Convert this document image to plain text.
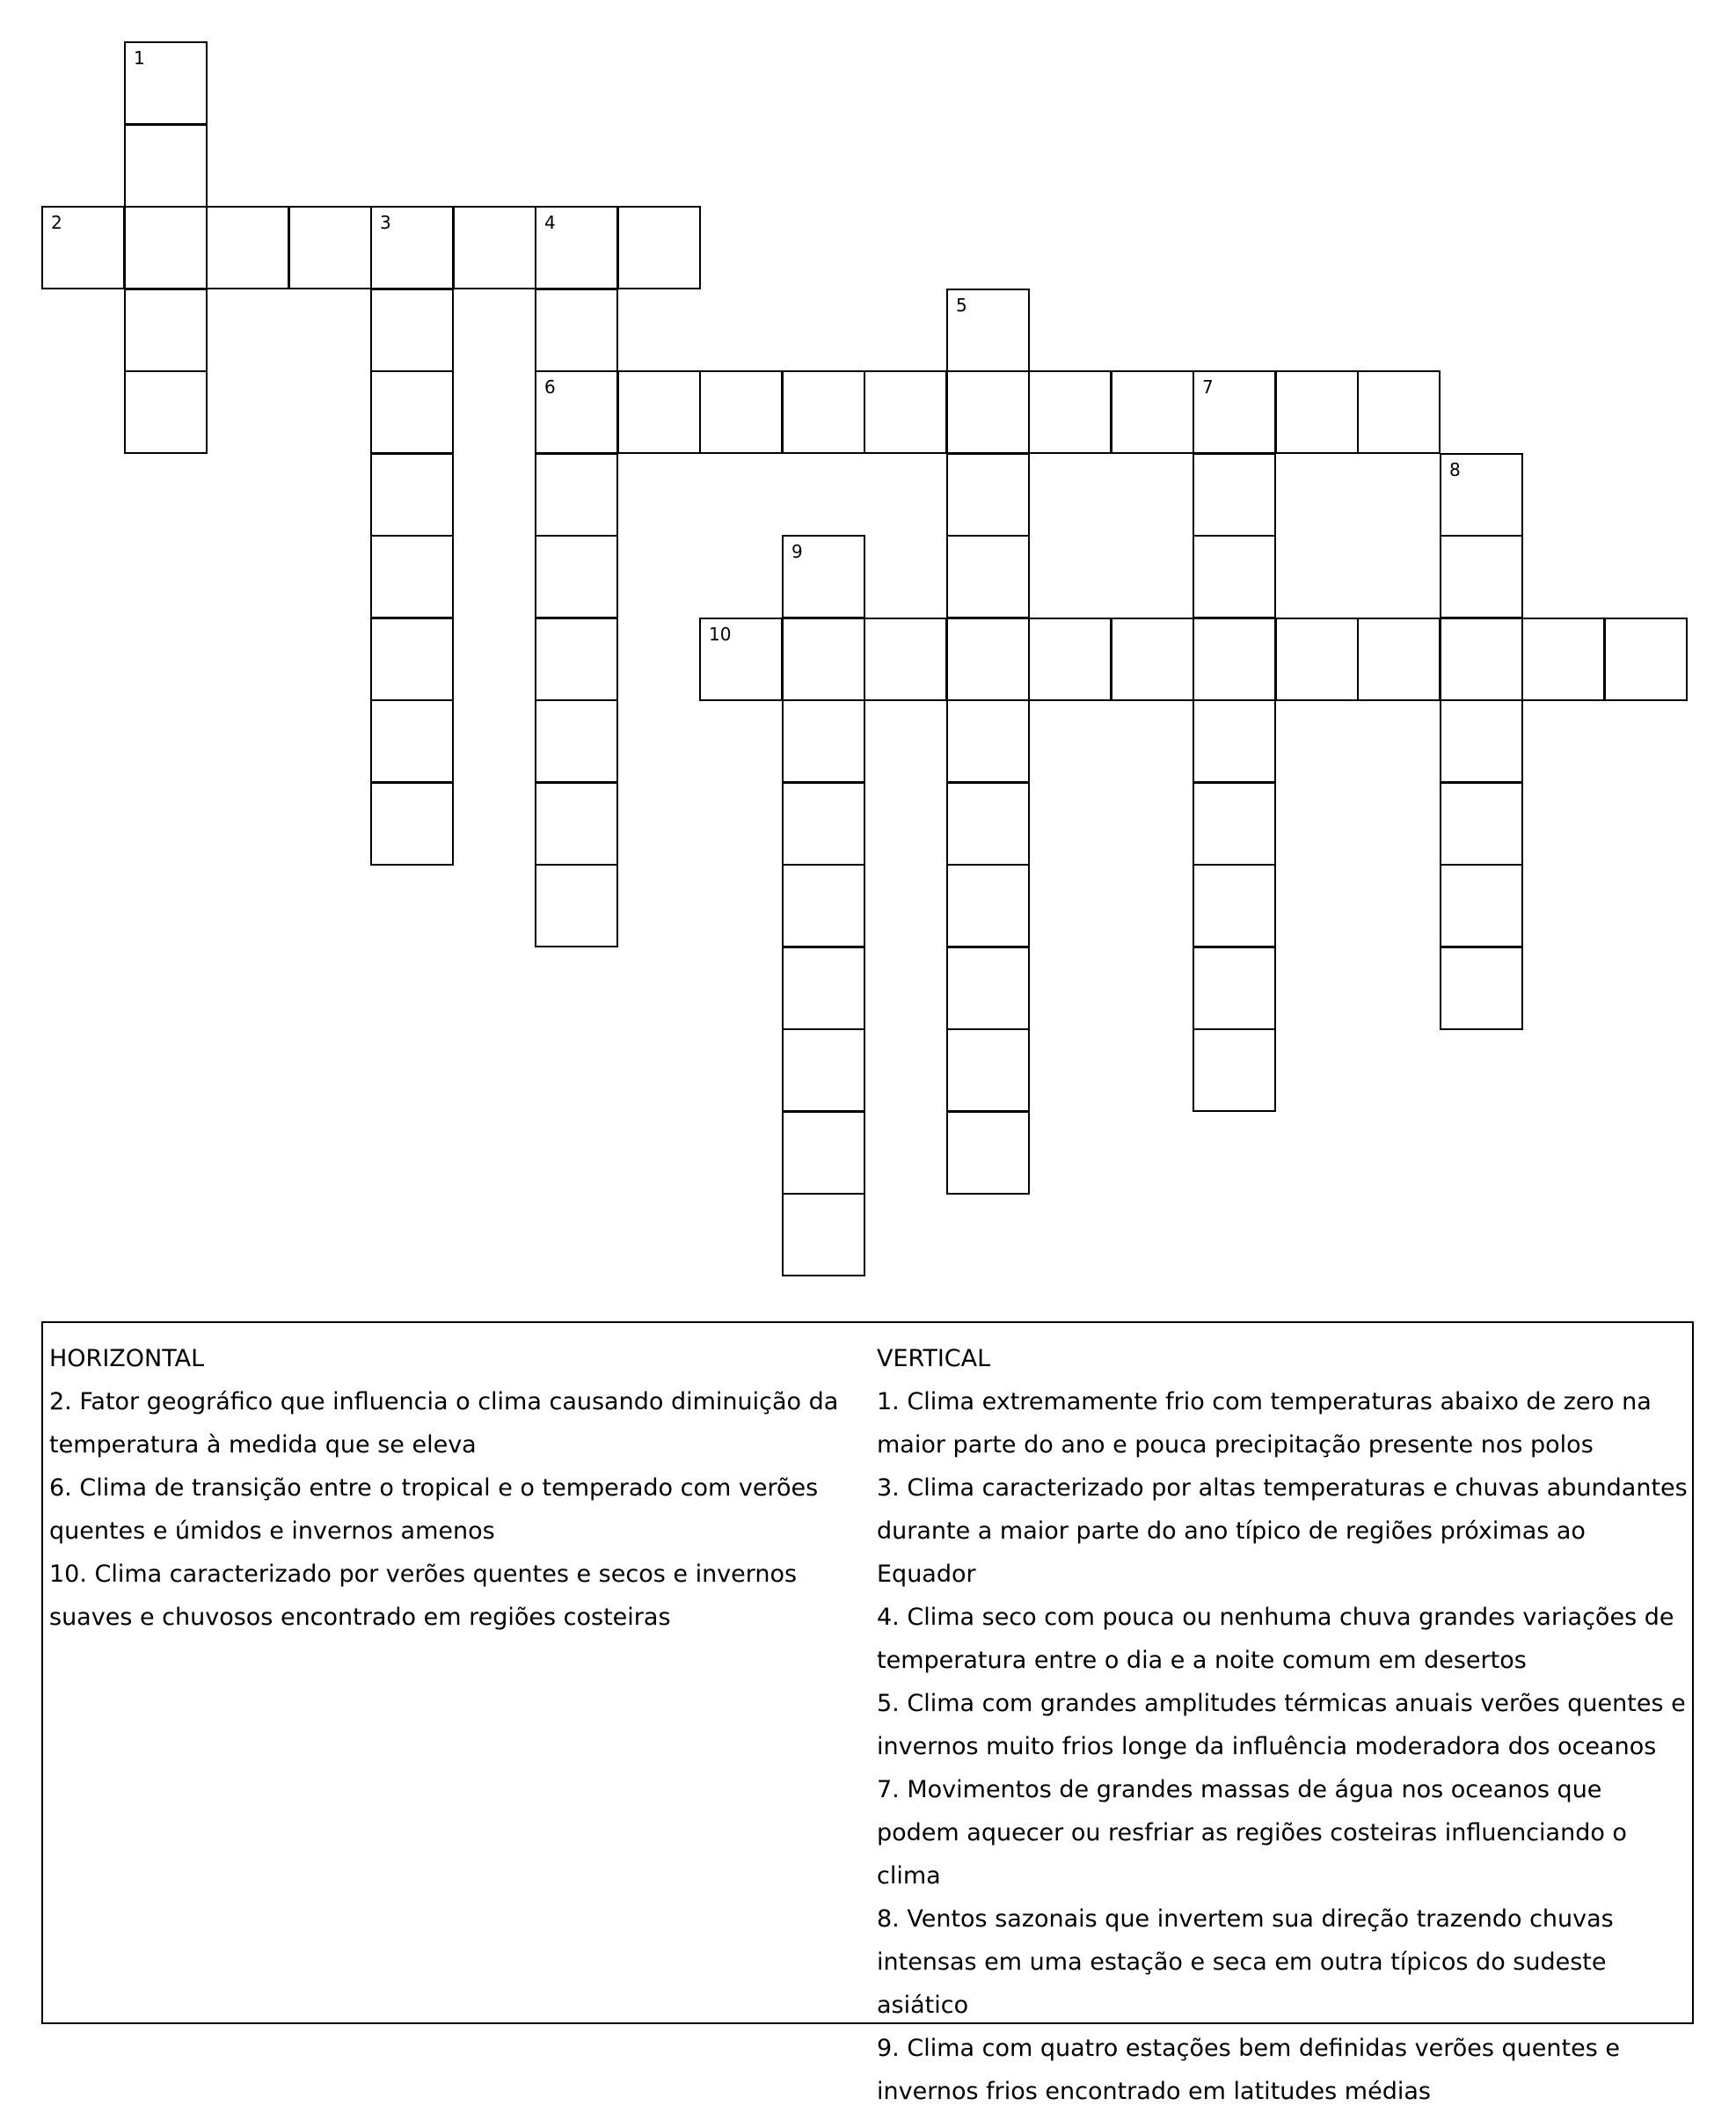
1
2	3	4
5
6	7
8
9
10
HORIZONTAL
2. Fator geográfico que influencia o clima causando diminuição da temperatura à medida que se eleva
6. Clima de transição entre o tropical e o temperado com verões quentes e úmidos e invernos amenos
10. Clima caracterizado por verões quentes e secos e invernos suaves e chuvosos encontrado em regiões costeiras
VERTICAL
1. Clima extremamente frio com temperaturas abaixo de zero na maior parte do ano e pouca precipitação presente nos polos
3. Clima caracterizado por altas temperaturas e chuvas abundantes durante a maior parte do ano típico de regiões próximas ao Equador
4. Clima seco com pouca ou nenhuma chuva grandes variações de temperatura entre o dia e a noite comum em desertos
5. Clima com grandes amplitudes térmicas anuais verões quentes e invernos muito frios longe da influência moderadora dos oceanos
7. Movimentos de grandes massas de água nos oceanos que podem aquecer ou resfriar as regiões costeiras influenciando o clima
8. Ventos sazonais que invertem sua direção trazendo chuvas intensas em uma estação e seca em outra típicos do sudeste asiático
9. Clima com quatro estações bem definidas verões quentes e invernos frios encontrado em latitudes médias
